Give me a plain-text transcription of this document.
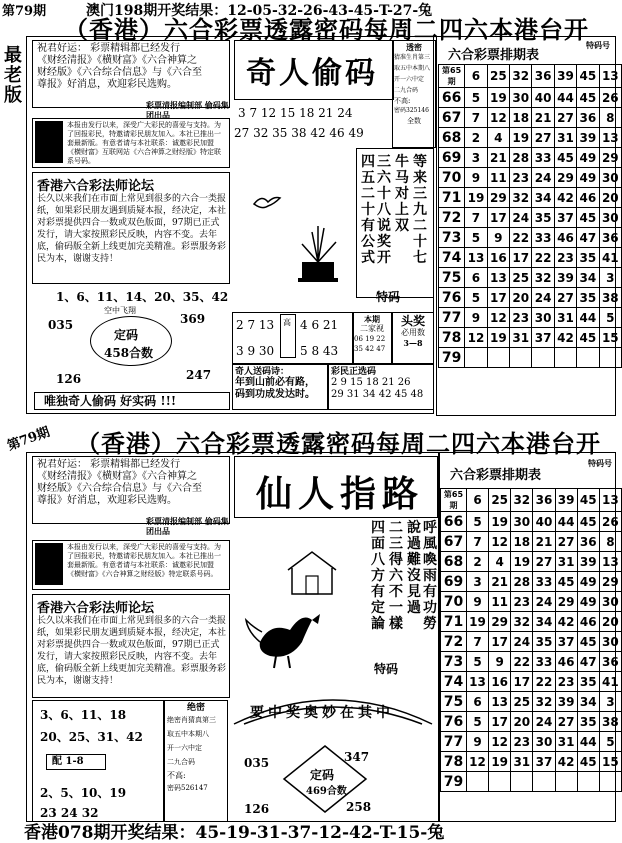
第79期	澳门198期开奖结果：12-05-32-26-43-45-T-27-兔
（香港）六合彩票透露密码每周二四六本港台开
最老版
祝君好运： 彩票精辑都已经发行
《财经清报》《横财富》《六合神算之
财经版》《六合综合信息》与《六合至
尊报》好消息，欢迎彩民选购。
彩票清报编制部 偷码集团出品
本报由发行以来，深受广大彩民的喜爱与支持。为了回报彩民，特邀请彩民朋友加入。本社已推出一套最新版。有意者请与本社联系：诚邀彩民加盟《横财富》互联网站《六合神算之财经版》特定联系号码。
香港六合彩法师论坛
长久以来我们在市面上常见到很多的六合一类报纸，如果彩民朋友遇到质疑本报，经决定，本社对彩票提供四合一数或双色版面，97期已正式发行，请大家按照彩民反映，内容不变。去年底，偷码版全新上线更加完美精准。彩票服务彩民为本，谢谢支持！
1、6、11、14、20、35、42
035	369
空中飞翔
定码
458合数
126	247
唯独奇人偷码 好实码 !!!
奇人偷码
3 7 12 15 18 21 24
27 32 35 38 42 46 49
透密
猜准生肖第三
取五中本期八
开一六中定
二九合码
不高:
密码325146
全数
四五二十有公式
三六十八说奖开
牛马对上双
等来三九二十七
特码
2 7 13
3 9 30
高 4 6 21
5 8 43
本期
二家视
06 19 22
35 42 47
头奖
必用数
3—8
奇人送码诗：
年到山前必有路，
码到功成发达时。
彩民正选码
2 9 15 18 21 26
29 31 34 42 45 48
六合彩票排期表
特码号
第65期	6	25	32	36	39	45	13
66	5	19	30	40	44	45	26
67	7	12	18	21	27	36	8
68	2	4	19	27	31	39	13
69	3	21	28	33	45	49	29
70	9	11	23	24	29	49	30
71	19	29	32	34	42	46	20
72	7	17	24	35	37	45	30
73	5	9	22	33	46	47	36
74	13	16	17	22	23	35	41
75	6	13	25	32	39	34	3
76	5	17	20	24	27	35	38
77	9	12	23	30	31	44	5
78	12	19	31	37	42	45	15
79							
第79期 （香港）六合彩票透露密码每周二四六本港台开
祝君好运： 彩票精辑都已经发行
《财经清报》《横财富》《六合神算之
财经版》《六合综合信息》与《六合至
尊报》好消息，欢迎彩民选购。
彩票清报编制部 偷码集团出品
本报由发行以来，深受广大彩民的喜爱与支持。为了回报彩民，特邀请彩民朋友加入。本社已推出一套最新版。有意者请与本社联系：诚邀彩民加盟《横财富》《六合神算之财经版》特定联系号码。
香港六合彩法师论坛
长久以来我们在市面上常见到很多的六合一类报纸，如果彩民朋友遇到质疑本报，经决定，本社对彩票提供四合一数或双色版面，97期已正式发行，请大家按照彩民反映，内容不变。去年底，偷码版全新上线更加完美精准。彩票服务彩民为本，谢谢支持！
仙人指路
四面八方有定論
二三得六不一樣
說過難沒見過
呼風喚雨有功勞
特码
3、6、11、18
20、25、31、42
配 1-8
2、5、10、19
23 24 32
绝密
绝密肖猜真第三
取五中本期八
开一六中定
二九合码
不高:
密码526147
要中奖奥妙在其中
035	347
定码
469合数
126	258
六合彩票排期表
特码号
第65期	6	25	32	36	39	45	13
66	5	19	30	40	44	45	26
67	7	12	18	21	27	36	8
68	2	4	19	27	31	39	13
69	3	21	28	33	45	49	29
70	9	11	23	24	29	49	30
71	19	29	32	34	42	46	20
72	7	17	24	35	37	45	30
73	5	9	22	33	46	47	36
74	13	16	17	22	23	35	41
75	6	13	25	32	39	34	3
76	5	17	20	24	27	35	38
77	9	12	23	30	31	44	5
78	12	19	31	37	42	45	15
79							
香港078期开奖结果：45-19-31-37-12-42-T-15-兔
